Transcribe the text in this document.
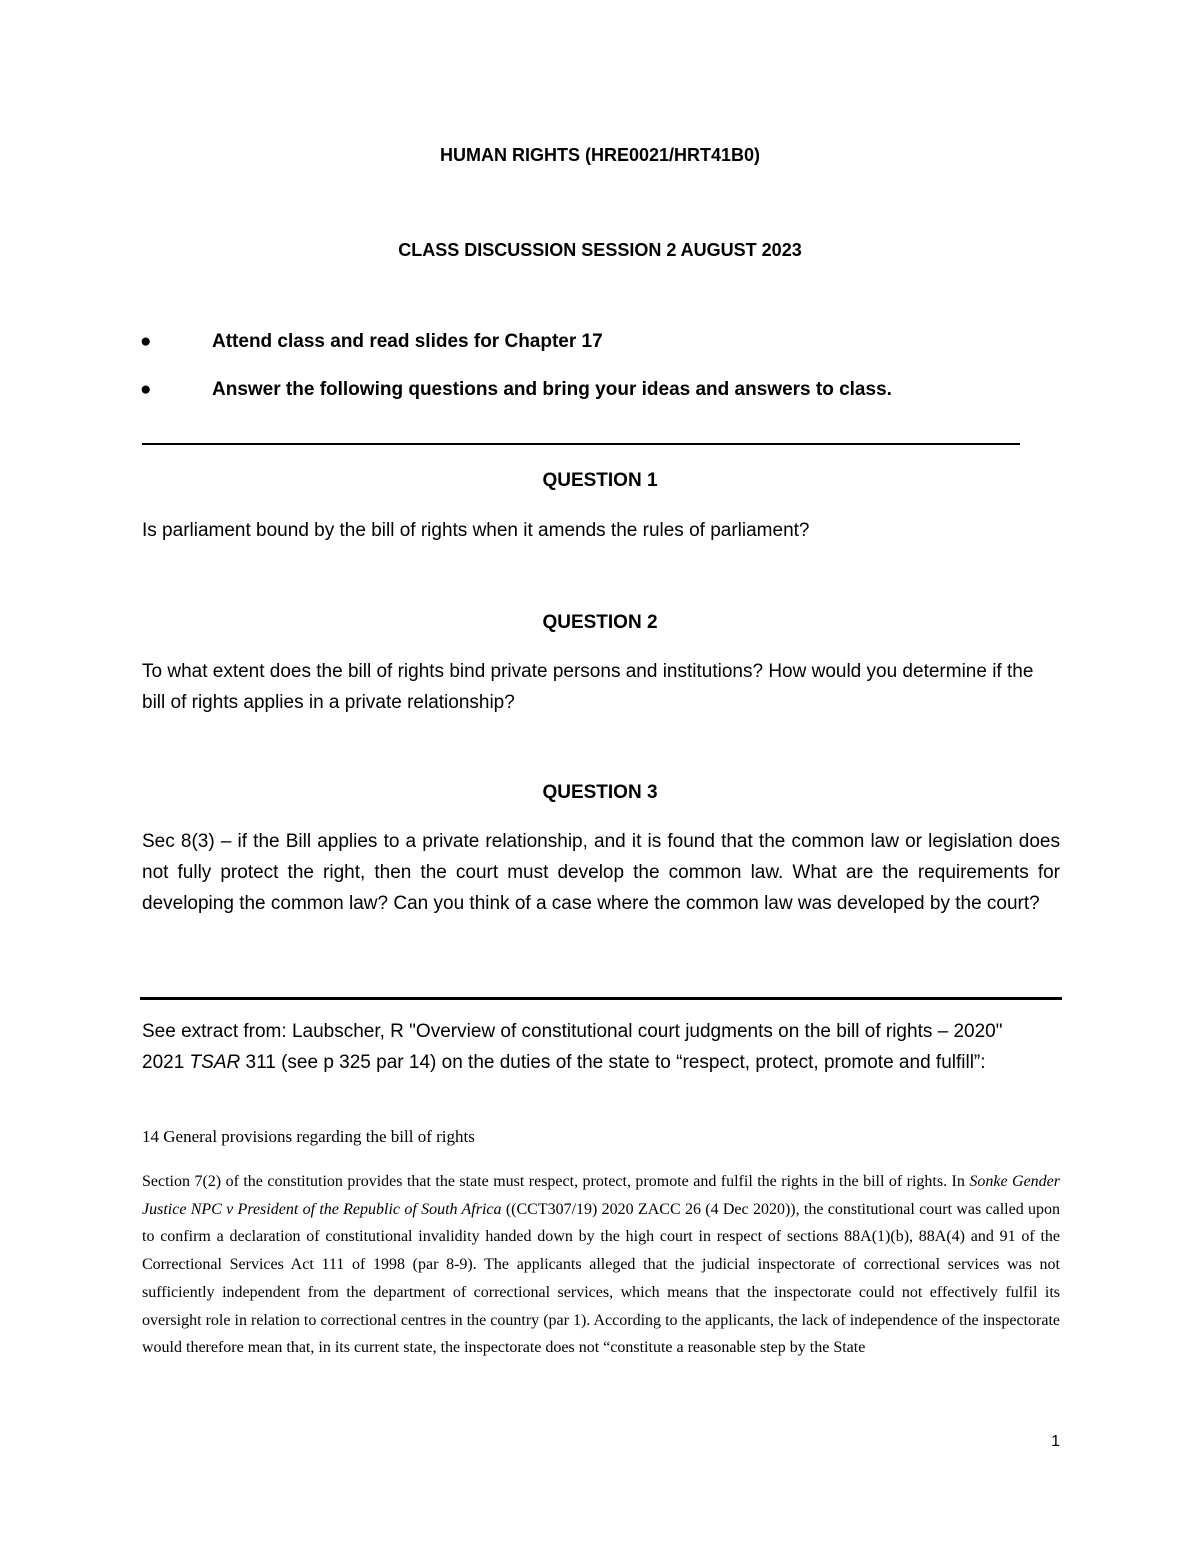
HUMAN RIGHTS (HRE0021/HRT41B0)
CLASS DISCUSSION SESSION 2 AUGUST 2023
●	Attend class and read slides for Chapter 17
●	Answer the following questions and bring your ideas and answers to class.
QUESTION 1
Is parliament bound by the bill of rights when it amends the rules of parliament?
QUESTION 2
To what extent does the bill of rights bind private persons and institutions? How would you determine if the bill of rights applies in a private relationship?
QUESTION 3
Sec 8(3) – if the Bill applies to a private relationship, and it is found that the common law or legislation does not fully protect the right, then the court must develop the common law. What are the requirements for developing the common law? Can you think of a case where the common law was developed by the court?
See extract from: Laubscher, R "Overview of constitutional court judgments on the bill of rights – 2020" 2021 TSAR 311 (see p 325 par 14) on the duties of the state to “respect, protect, promote and fulfill”:
14 General provisions regarding the bill of rights
Section 7(2) of the constitution provides that the state must respect, protect, promote and fulfil the rights in the bill of rights. In Sonke Gender Justice NPC v President of the Republic of South Africa ((CCT307/19) 2020 ZACC 26 (4 Dec 2020)), the constitutional court was called upon to confirm a declaration of constitutional invalidity handed down by the high court in respect of sections 88A(1)(b), 88A(4) and 91 of the Correctional Services Act 111 of 1998 (par 8-9). The applicants alleged that the judicial inspectorate of correctional services was not sufficiently independent from the department of correctional services, which means that the inspectorate could not effectively fulfil its oversight role in relation to correctional centres in the country (par 1). According to the applicants, the lack of independence of the inspectorate would therefore mean that, in its current state, the inspectorate does not “constitute a reasonable step by the State
1
